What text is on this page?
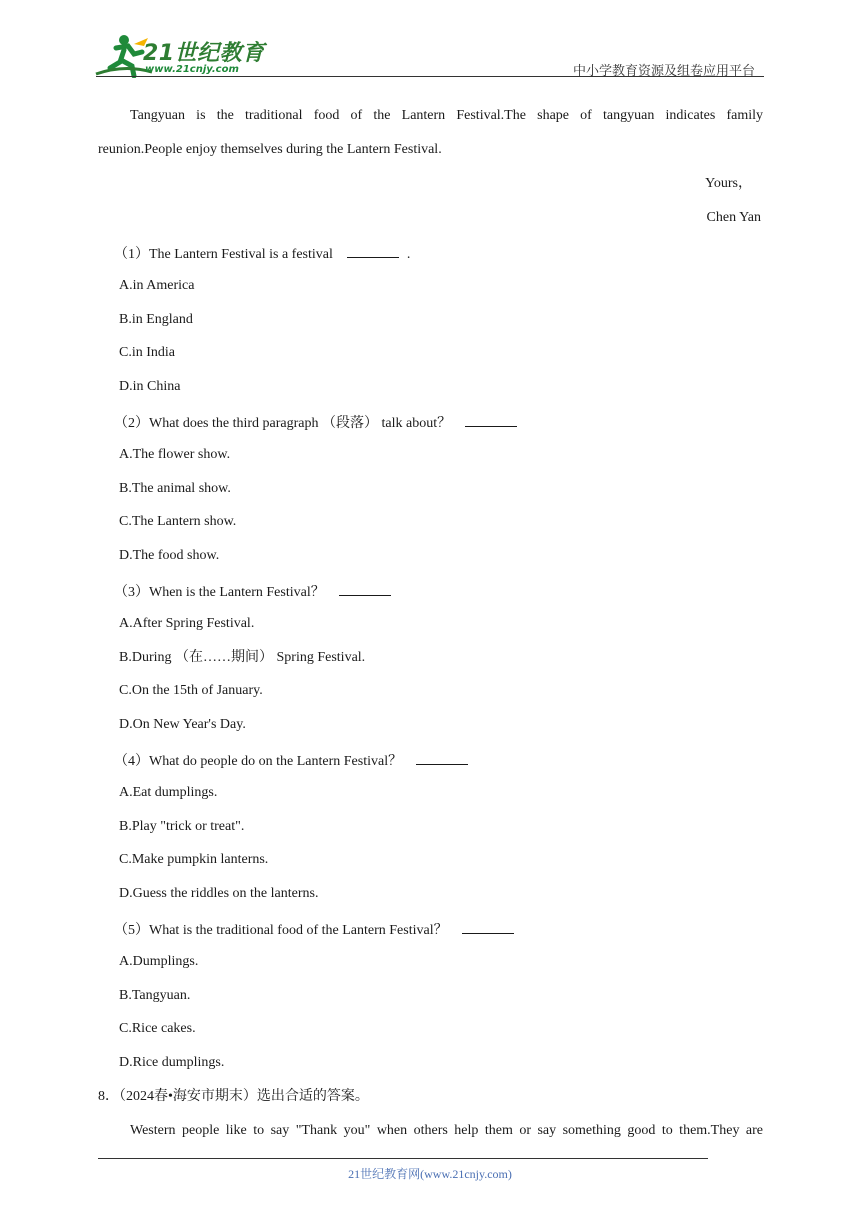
21世纪教育
www.21cnjy.com	中小学教育资源及组卷应用平台
Tangyuan is the traditional food of the Lantern Festival.The shape of tangyuan indicates family
reunion.People enjoy themselves during the Lantern Festival.
Yours，
Chen Yan
（1）The Lantern Festival is a festival	.
A.in America
B.in England
C.in India
D.in China
（2）What does the third paragraph （段落） talk about？
A.The flower show.
B.The animal show.
C.The Lantern show.
D.The food show.
（3）When is the Lantern Festival？
A.After Spring Festival.
B.During （在……期间） Spring Festival.
C.On the 15th of January.
D.On New Year's Day.
（4）What do people do on the Lantern Festival？
A.Eat dumplings.
B.Play "trick or treat".
C.Make pumpkin lanterns.
D.Guess the riddles on the lanterns.
（5）What is the traditional food of the Lantern Festival？
A.Dumplings.
B.Tangyuan.
C.Rice cakes.
D.Rice dumplings.
8．（2024春•海安市期末）选出合适的答案。
Western people like to say "Thank you" when others help them or say something good to them.They are
21世纪教育网(www.21cnjy.com)
